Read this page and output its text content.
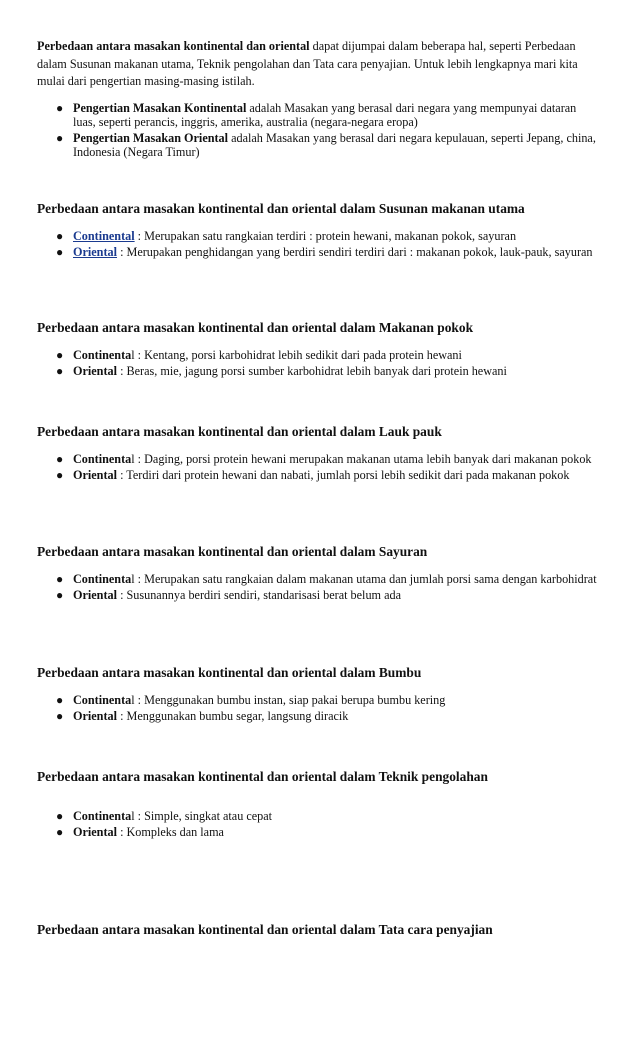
Perbedaan antara masakan kontinental dan oriental dapat dijumpai dalam beberapa hal, seperti Perbedaan dalam Susunan makanan utama, Teknik pengolahan dan Tata cara penyajian. Untuk lebih lengkapnya mari kita mulai dari pengertian masing-masing istilah.

● Pengertian Masakan Kontinental adalah Masakan yang berasal dari negara yang mempunyai dataran luas, seperti perancis, inggris, amerika, australia (negara-negara eropa)
● Pengertian Masakan Oriental adalah Masakan yang berasal dari negara kepulauan, seperti Jepang, china, Indonesia (Negara Timur)
Perbedaan antara masakan kontinental dan oriental dalam Susunan makanan utama
● Continental : Merupakan satu rangkaian terdiri : protein hewani, makanan pokok, sayuran
● Oriental : Merupakan penghidangan yang berdiri sendiri terdiri dari : makanan pokok, lauk-pauk, sayuran
Perbedaan antara masakan kontinental dan oriental dalam Makanan pokok
● Continental : Kentang, porsi karbohidrat lebih sedikit dari pada protein hewani
● Oriental : Beras, mie, jagung porsi sumber karbohidrat lebih banyak dari protein hewani
Perbedaan antara masakan kontinental dan oriental dalam Lauk pauk
● Continental : Daging, porsi protein hewani merupakan makanan utama lebih banyak dari makanan pokok
● Oriental : Terdiri dari protein hewani dan nabati, jumlah porsi lebih sedikit dari pada makanan pokok
Perbedaan antara masakan kontinental dan oriental dalam Sayuran
● Continental : Merupakan satu rangkaian dalam makanan utama dan jumlah porsi sama dengan karbohidrat
● Oriental : Susunannya berdiri sendiri, standarisasi berat belum ada
Perbedaan antara masakan kontinental dan oriental dalam Bumbu
● Continental : Menggunakan bumbu instan, siap pakai berupa bumbu kering
● Oriental : Menggunakan bumbu segar, langsung diracik
Perbedaan antara masakan kontinental dan oriental dalam Teknik pengolahan
● Continental : Simple, singkat atau cepat
● Oriental : Kompleks dan lama
Perbedaan antara masakan kontinental dan oriental dalam Tata cara penyajian
